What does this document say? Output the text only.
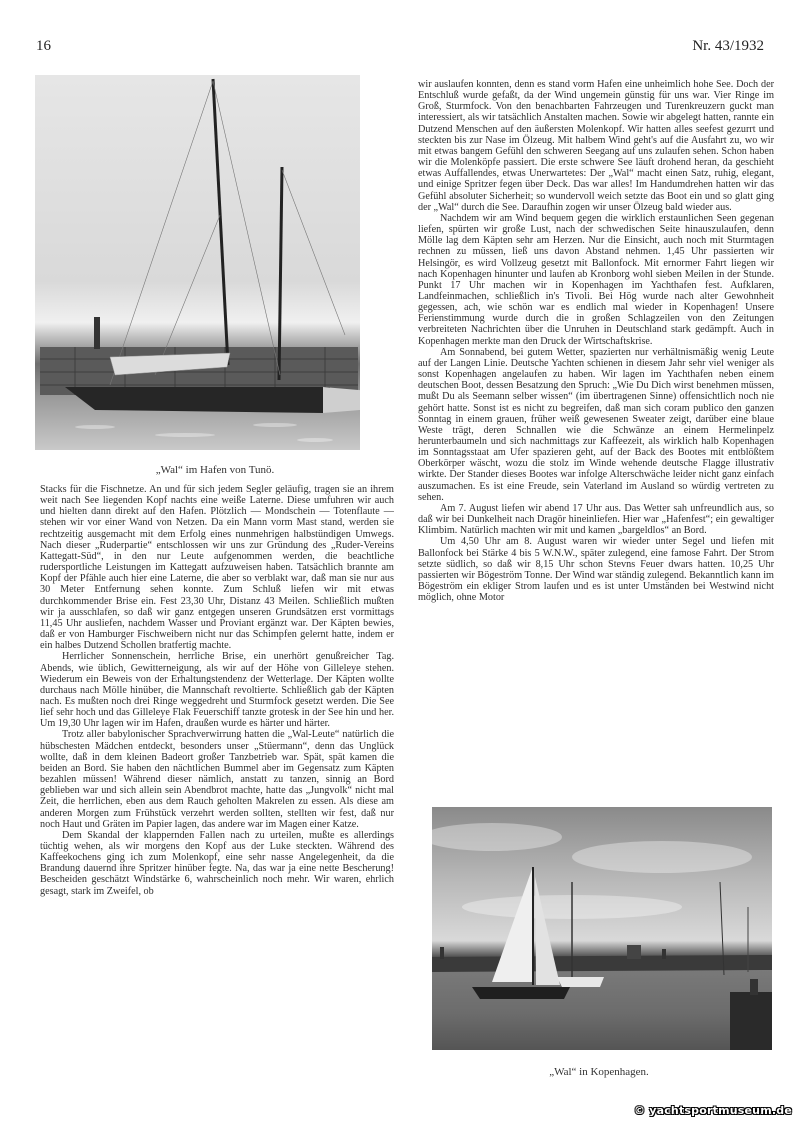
16	Nr. 43/1932
„Wal“ im Hafen von Tunö.

Stacks für die Fischnetze. An und für sich jedem Segler geläufig, tragen sie an ihrem weit nach See liegenden Kopf nachts eine weiße Laterne. Diese umfuhren wir auch und hielten dann direkt auf den Hafen. Plötzlich — Mondschein — Totenflaute — stehen wir vor einer Wand von Netzen. Da ein Mann vorm Mast stand, werden sie rechtzeitig ausgemacht mit dem Erfolg eines nunmehrigen halbstündigen Umwegs. Nach dieser „Ruderpartie“ entschlossen wir uns zur Gründung des „Ruder-Vereins Kattegatt-Süd“, in den nur Leute aufgenommen werden, die beachtliche rudersportliche Leistungen im Kattegatt aufzuweisen haben. Tatsächlich brannte am Kopf der Pfähle auch hier eine Laterne, die aber so verblakt war, daß man sie nur aus 30 Meter Entfernung sehen konnte. Zum Schluß liefen wir mit etwas durchkommender Brise ein. Fest 23,30 Uhr, Distanz 43 Meilen. Schließlich mußten wir ja ausschlafen, so daß wir ganz entgegen unseren Grundsätzen erst vormittags 11,45 Uhr ausliefen, nachdem Wasser und Proviant ergänzt war. Der Käpten bewies, daß er von Hamburger Fischweibern nicht nur das Schimpfen gelernt hatte, indem er ein halbes Dutzend Schollen bratfertig machte.

Herrlicher Sonnenschein, herrliche Brise, ein unerhört genußreicher Tag. Abends, wie üblich, Gewitterneigung, als wir auf der Höhe von Gilleleye stehen. Wiederum ein Beweis von der Erhaltungstendenz der Wetterlage. Der Käpten wollte durchaus nach Mölle hinüber, die Mannschaft revoltierte. Schließlich gab der Käpten nach. Es mußten noch drei Ringe weggedreht und Sturmfock gesetzt werden. Die See lief sehr hoch und das Gilleleye Flak Feuerschiff tanzte grotesk in der See hin und her. Um 19,30 Uhr lagen wir im Hafen, draußen wurde es härter und härter.

Trotz aller babylonischer Sprachverwirrung hatten die „Wal-Leute“ natürlich die hübschesten Mädchen entdeckt, besonders unser „Stüermann“, denn das Unglück wollte, daß in dem kleinen Badeort großer Tanzbetrieb war. Spät, spät kamen die beiden an Bord. Sie haben den nächtlichen Bummel aber im Gegensatz zum Käpten bezahlen müssen! Während dieser nämlich, anstatt zu tanzen, sinnig an Bord geblieben war und sich allein sein Abendbrot machte, hatte das „Jungvolk“ nicht mal Zeit, die herrlichen, eben aus dem Rauch geholten Makrelen zu essen. Als diese am anderen Morgen zum Frühstück verzehrt werden sollten, stellten wir fest, daß nur noch Haut und Gräten im Papier lagen, das andere war im Magen einer Katze.

Dem Skandal der klappernden Fallen nach zu urteilen, mußte es allerdings tüchtig wehen, als wir morgens den Kopf aus der Luke steckten. Während des Kaffeekochens ging ich zum Molenkopf, eine sehr nasse Angelegenheit, da die Brandung dauernd ihre Spritzer hinüber fegte. Na, das war ja eine nette Bescherung! Bescheiden geschätzt Windstärke 6, wahrscheinlich noch mehr. Wir waren, ehrlich gesagt, stark im Zweifel, ob

wir auslaufen konnten, denn es stand vorm Hafen eine unheimlich hohe See. Doch der Entschluß wurde gefaßt, da der Wind ungemein günstig für uns war. Vier Ringe im Groß, Sturmfock. Von den benachbarten Fahrzeugen und Turenkreuzern guckt man interessiert, als wir tatsächlich Anstalten machen. Sowie wir abgelegt hatten, rannte ein Dutzend Menschen auf den äußersten Molenkopf. Wir hatten alles seefest gezurrt und steckten bis zur Nase im Ölzeug. Mit halbem Wind geht's auf die Ausfahrt zu, wo wir mit etwas bangem Gefühl den schweren Seegang auf uns zulaufen sehen. Schon haben wir die Molenköpfe passiert. Die erste schwere See läuft drohend heran, da geschieht etwas Auffallendes, etwas Unerwartetes: Der „Wal“ macht einen Satz, ruhig, elegant, und einige Spritzer fegen über Deck. Das war alles! Im Handumdrehen hatten wir das Gefühl absoluter Sicherheit; so wundervoll weich setzte das Boot ein und so glatt ging der „Wal“ durch die See. Daraufhin zogen wir unser Ölzeug bald wieder aus.

Nachdem wir am Wind bequem gegen die wirklich erstaunlichen Seen gegenan liefen, spürten wir große Lust, nach der schwedischen Seite hinauszulaufen, denn Mölle lag dem Käpten sehr am Herzen. Nur die Einsicht, auch noch mit Sturmtagen rechnen zu müssen, ließ uns davon Abstand nehmen. 1,45 Uhr passierten wir Helsingör, es wird Vollzeug gesetzt mit Ballonfock. Mit ernormer Fahrt liegen wir nach Kopenhagen hinunter und laufen ab Kronborg wohl sieben Meilen in der Stunde. Punkt 17 Uhr machen wir in Kopenhagen im Yachthafen fest. Aufklaren, Landfeinmachen, schließlich in's Tivoli. Bei Hög wurde nach alter Gewohnheit gegessen, ach, wie schön war es endlich mal wieder in Kopenhagen! Unsere Ferienstimmung wurde durch die in großen Schlagzeilen von den Zeitungen verbreiteten Nachrichten über die Unruhen in Deutschland stark gedämpft. Auch in Kopenhagen merkte man den Druck der Wirtschaftskrise.

Am Sonnabend, bei gutem Wetter, spazierten nur verhältnismäßig wenig Leute auf der Langen Linie. Deutsche Yachten schienen in diesem Jahr sehr viel weniger als sonst Kopenhagen angelaufen zu haben. Wir lagen im Yachthafen neben einem deutschen Boot, dessen Besatzung den Spruch: „Wie Du Dich wirst benehmen müssen, mußt Du als Seemann selber wissen“ (im übertragenen Sinne) offensichtlich noch nie gehört hatte. Sonst ist es nicht zu begreifen, daß man sich coram publico den ganzen Sonntag in einem grauen, früher weiß gewesenen Sweater zeigt, darüber eine blaue Weste trägt, deren Schnallen wie die Schwänze an einem Hermelinpelz herunterbaumeln und sich nachmittags zur Kaffeezeit, als wirklich halb Kopenhagen im Sonntagsstaat am Ufer spazieren geht, auf der Back des Bootes mit entblößtem Oberkörper wäscht, wozu die stolz im Winde wehende deutsche Flagge illustrativ wirkte. Der Stander dieses Bootes war infolge Alterschwäche leider nicht ganz einfach auszumachen. Es ist eine Freude, sein Vaterland im Ausland so würdig vertreten zu sehen.

Am 7. August liefen wir abend 17 Uhr aus. Das Wetter sah unfreundlich aus, so daß wir bei Dunkelheit nach Dragör hineinliefen. Hier war „Hafenfest“; ein gewaltiger Klimbim. Natürlich machten wir mit und kamen „bargeldlos“ an Bord.

Um 4,50 Uhr am 8. August waren wir wieder unter Segel und liefen mit Ballonfock bei Stärke 4 bis 5 W.N.W., später zulegend, eine famose Fahrt. Der Strom setzte südlich, so daß wir 8,15 Uhr schon Stevns Feuer dwars hatten. 10,25 Uhr passierten wir Bögeström Tonne. Der Wind war ständig zulegend. Bekanntlich kann im Bögeström ein ekliger Strom laufen und es ist unter Umständen bei Westwind nicht möglich, ohne Motor

„Wal“ in Kopenhagen.
© yachtsportmuseum.de
